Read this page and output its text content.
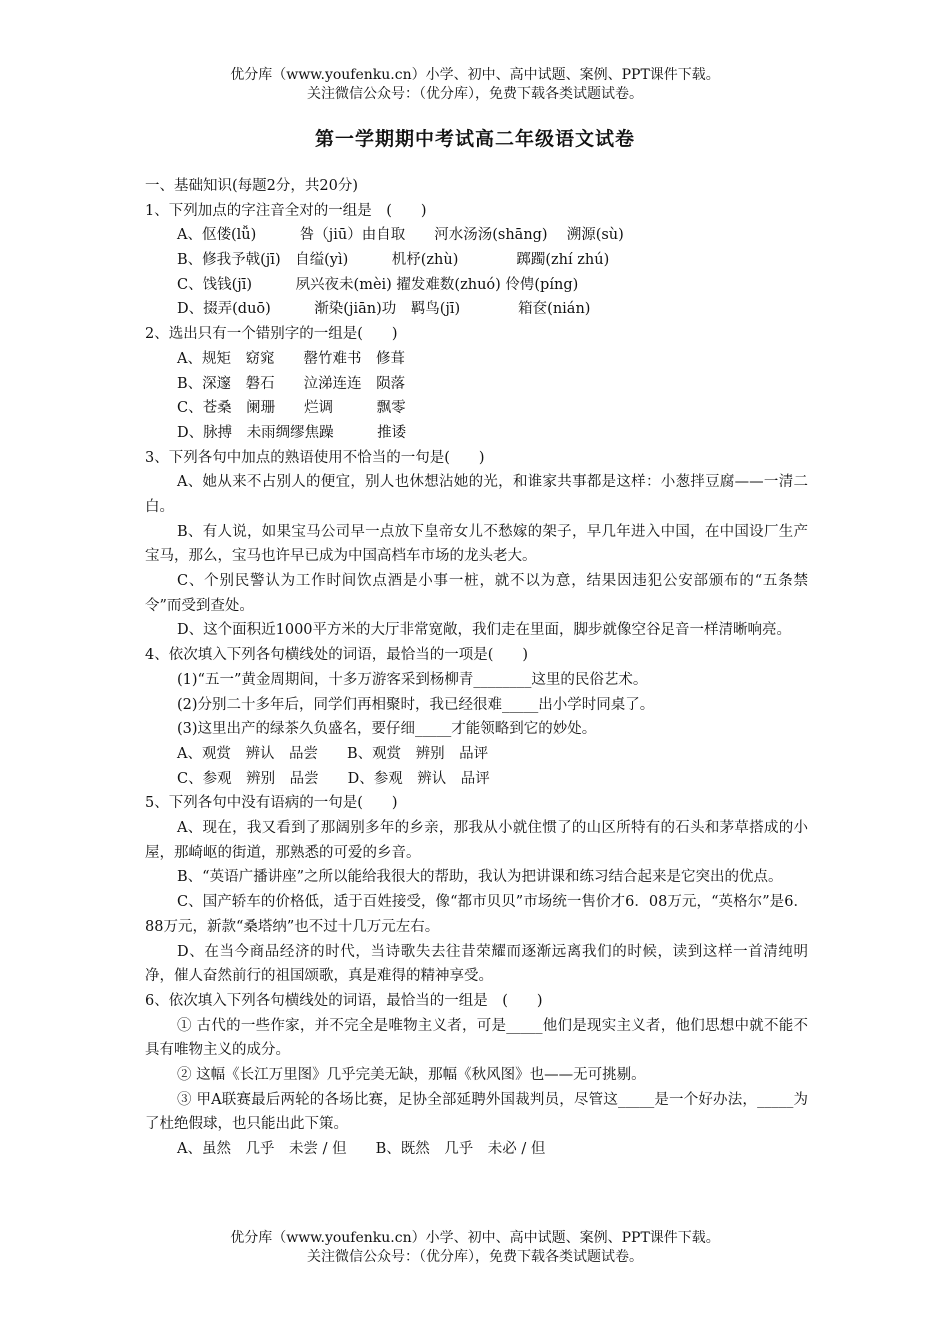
优分库（www.youfenku.cn）小学、初中、高中试题、案例、PPT课件下载。
关注微信公众号：（优分库），免费下载各类试题试卷。
第一学期期中考试高二年级语文试卷
一、基础知识(每题2分，共20分)
1、下列加点的字注音全对的一组是　(　　)
A、伛偻(lǚ)　　　咎（jiū）由自取　　河水汤汤(shāng)　 溯源(sù)
B、修我予戟(jī)　自缢(yì)　　　机杼(zhù)　　　　踯躅(zhí zhú)
C、饯钱(jī)　　　夙兴夜未(mèi) 擢发难数(zhuó) 伶俜(píng)
D、掇弄(duō)　　　渐染(jiān)功　羁鸟(jī)　　　　箱奁(nián)
2、选出只有一个错别字的一组是(　　)
A、规矩　窈窕　　罄竹难书　修葺
B、深邃　磐石　　泣涕连连　陨落
C、苍桑　阑珊　　烂调　　　飘零
D、脉搏　未雨绸缪焦躁　　　推诿
3、下列各句中加点的熟语使用不恰当的一句是(　　)
A、她从来不占别人的便宜，别人也休想沾她的光，和谁家共事都是这样：小葱拌豆腐——一清二白。
B、有人说，如果宝马公司早一点放下皇帝女儿不愁嫁的架子，早几年进入中国，在中国设厂生产宝马，那么，宝马也许早已成为中国高档车市场的龙头老大。
C、个别民警认为工作时间饮点酒是小事一桩，就不以为意，结果因违犯公安部颁布的“五条禁令”而受到查处。
D、这个面积近1000平方米的大厅非常宽敞，我们走在里面，脚步就像空谷足音一样清晰响亮。
4、依次填入下列各句横线处的词语，最恰当的一项是(　　)
(1)“五一”黄金周期间，十多万游客采到杨柳青________这里的民俗艺术。
(2)分别二十多年后，同学们再相聚时，我已经很难_____出小学时同桌了。
(3)这里出产的绿茶久负盛名，要仔细_____才能领略到它的妙处。
A、观赏　辨认　品尝　　B、观赏　辨别　品评
C、参观　辨别　品尝　　D、参观　辨认　品评
5、下列各句中没有语病的一句是(　　)
A、现在，我又看到了那阔别多年的乡亲，那我从小就住惯了的山区所特有的石头和茅草搭成的小屋，那崎岖的街道，那熟悉的可爱的乡音。
B、“英语广播讲座”之所以能给我很大的帮助，我认为把讲课和练习结合起来是它突出的优点。
C、国产轿车的价格低，适于百姓接受，像“都市贝贝”市场统一售价才6．08万元，“英格尔”是6．88万元，新款“桑塔纳”也不过十几万元左右。
D、在当今商品经济的时代，当诗歌失去往昔荣耀而逐渐远离我们的时候，读到这样一首清纯明净，催人奋然前行的祖国颂歌，真是难得的精神享受。
6、依次填入下列各句横线处的词语，最恰当的一组是　(　　)
① 古代的一些作家，并不完全是唯物主义者，可是_____他们是现实主义者，他们思想中就不能不具有唯物主义的成分。
② 这幅《长江万里图》几乎完美无缺，那幅《秋风图》也——无可挑剔。
③ 甲A联赛最后两轮的各场比赛，足协全部延聘外国裁判员，尽管这_____是一个好办法，_____为了杜绝假球，也只能出此下策。
A、虽然　几乎　未尝 / 但　　B、既然　几乎　未必 / 但
优分库（www.youfenku.cn）小学、初中、高中试题、案例、PPT课件下载。
关注微信公众号：（优分库），免费下载各类试题试卷。
